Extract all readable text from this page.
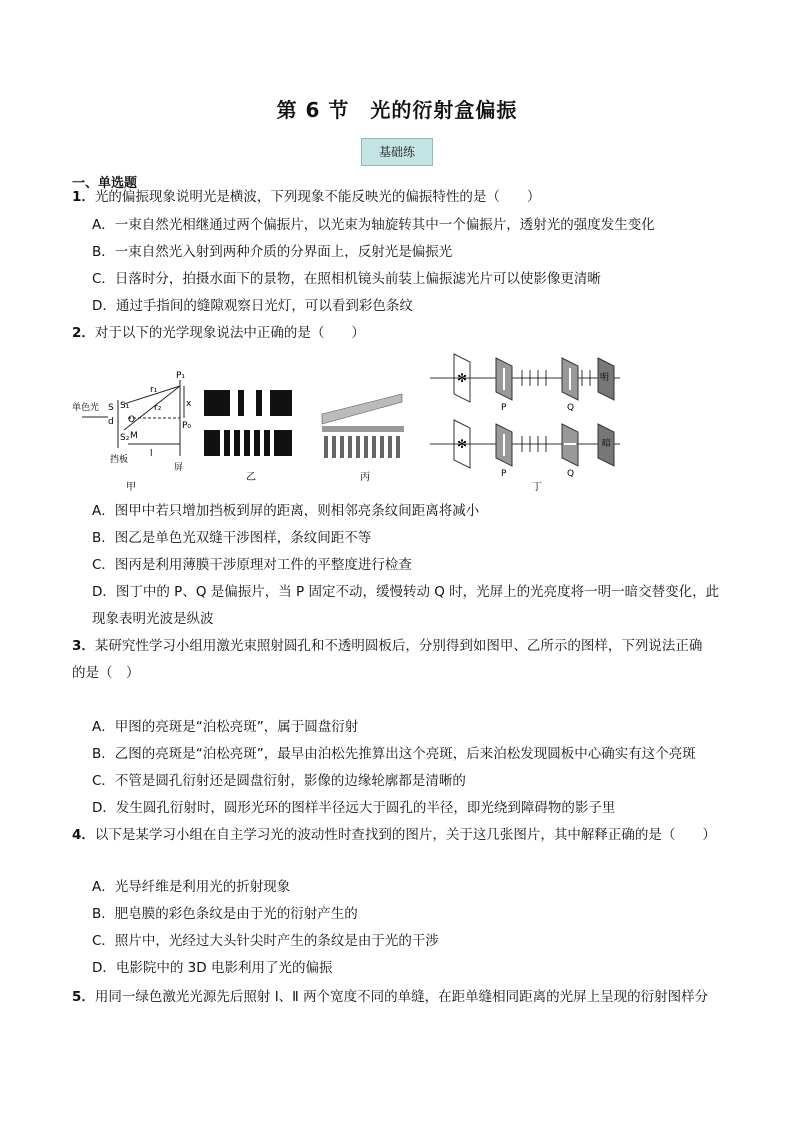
第 6 节　光的衍射盒偏振
基础练
一、单选题
1．光的偏振现象说明光是横波，下列现象不能反映光的偏振特性的是（　　）
A．一束自然光相继通过两个偏振片，以光束为轴旋转其中一个偏振片，透射光的强度发生变化
B．一束自然光入射到两种介质的分界面上，反射光是偏振光
C．日落时分，拍摄水面下的景物，在照相机镜头前装上偏振滤光片可以使影像更清晰
D．通过手指间的缝隙观察日光灯，可以看到彩色条纹
2．对于以下的光学现象说法中正确的是（　　）
单色光 S S₁
S₂
d O
M
r₁
r₂
P₁
P₀
x
挡板
屏
l
甲
乙	丙
✻
✻
P	Q
明
P	Q
暗
丁
A．图甲中若只增加挡板到屏的距离，则相邻亮条纹间距离将减小
B．图乙是单色光双缝干涉图样，条纹间距不等
C．图丙是利用薄膜干涉原理对工件的平整度进行检查
D．图丁中的 P、Q 是偏振片，当 P 固定不动，缓慢转动 Q 时，光屏上的光亮度将一明一暗交替变化，此
现象表明光波是纵波
3．某研究性学习小组用激光束照射圆孔和不透明圆板后，分别得到如图甲、乙所示的图样，下列说法正确
的是（　）
A．甲图的亮斑是“泊松亮斑”，属于圆盘衍射
B．乙图的亮斑是“泊松亮斑”，最早由泊松先推算出这个亮斑，后来泊松发现圆板中心确实有这个亮斑
C．不管是圆孔衍射还是圆盘衍射，影像的边缘轮廓都是清晰的
D．发生圆孔衍射时，圆形光环的图样半径远大于圆孔的半径，即光绕到障碍物的影子里
4．以下是某学习小组在自主学习光的波动性时查找到的图片，关于这几张图片，其中解释正确的是（　　）
A．光导纤维是利用光的折射现象
B．肥皂膜的彩色条纹是由于光的衍射产生的
C．照片中，光经过大头针尖时产生的条纹是由于光的干涉
D．电影院中的 3D 电影利用了光的偏振
5．用同一绿色激光光源先后照射 Ⅰ、Ⅱ 两个宽度不同的单缝，在距单缝相同距离的光屏上呈现的衍射图样分
